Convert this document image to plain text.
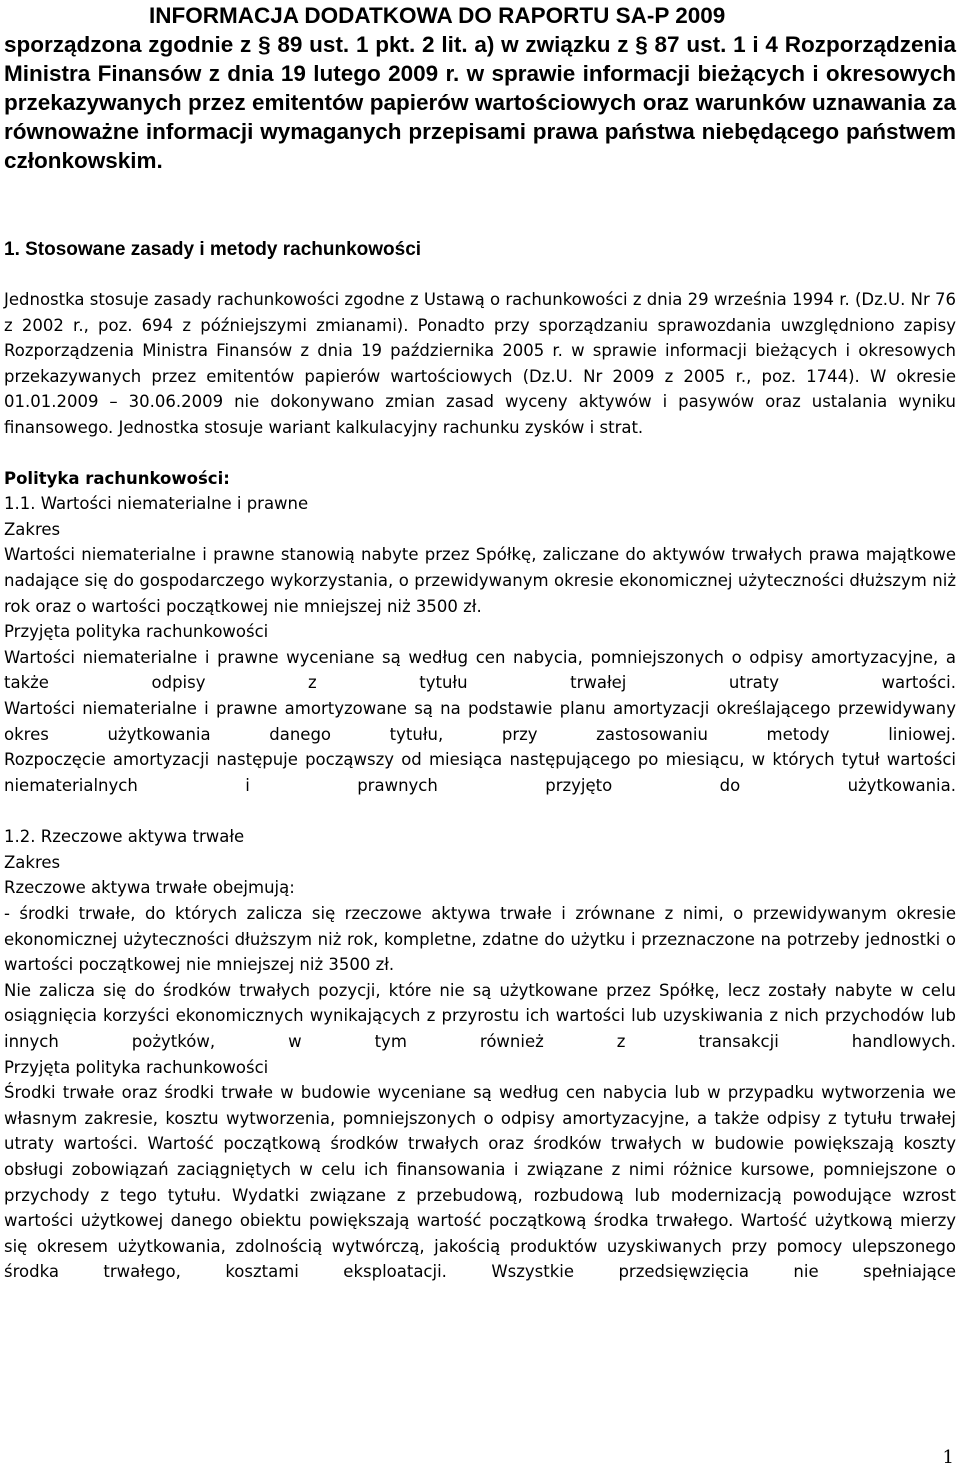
INFORMACJA DODATKOWA DO RAPORTU SA-P 2009
sporządzona zgodnie z § 89 ust. 1 pkt. 2 lit. a) w związku z § 87 ust. 1 i 4 Rozporządzenia Ministra Finansów z dnia 19 lutego 2009 r. w sprawie informacji bieżących i okresowych przekazywanych przez emitentów papierów wartościowych oraz warunków uznawania za równoważne informacji wymaganych przepisami prawa państwa niebędącego państwem członkowskim.
1. Stosowane zasady i metody rachunkowości

Jednostka stosuje zasady rachunkowości zgodne z Ustawą o rachunkowości z dnia 29 września 1994 r. (Dz.U. Nr 76 z 2002 r., poz. 694 z późniejszymi zmianami). Ponadto przy sporządzaniu sprawozdania uwzględniono zapisy Rozporządzenia Ministra Finansów z dnia 19 października 2005 r. w sprawie informacji bieżących i okresowych przekazywanych przez emitentów papierów wartościowych (Dz.U. Nr 2009 z 2005 r., poz. 1744). W okresie 01.01.2009 – 30.06.2009 nie dokonywano zmian zasad wyceny aktywów i pasywów oraz ustalania wyniku finansowego. Jednostka stosuje wariant kalkulacyjny rachunku zysków i strat.

Polityka rachunkowości:

1.1. Wartości niematerialne i prawne

Zakres

Wartości niematerialne i prawne stanowią nabyte przez Spółkę, zaliczane do aktywów trwałych prawa majątkowe nadające się do gospodarczego wykorzystania, o przewidywanym okresie ekonomicznej użyteczności dłuższym niż rok oraz o wartości początkowej nie mniejszej niż 3500 zł.

Przyjęta polityka rachunkowości

Wartości niematerialne i prawne wyceniane są według cen nabycia, pomniejszonych o odpisy amortyzacyjne, a także odpisy z tytułu trwałej utraty wartości.

Wartości niematerialne i prawne amortyzowane są na podstawie planu amortyzacji określającego przewidywany okres użytkowania danego tytułu, przy zastosowaniu metody liniowej.

Rozpoczęcie amortyzacji następuje począwszy od miesiąca następującego po miesiącu, w których tytuł wartości niematerialnych i prawnych przyjęto do użytkowania.

1.2. Rzeczowe aktywa trwałe

Zakres

Rzeczowe aktywa trwałe obejmują:

- środki trwałe, do których zalicza się rzeczowe aktywa trwałe i zrównane z nimi, o przewidywanym okresie ekonomicznej użyteczności dłuższym niż rok, kompletne, zdatne do użytku i przeznaczone na potrzeby jednostki o wartości początkowej nie mniejszej niż 3500 zł.

Nie zalicza się do środków trwałych pozycji, które nie są użytkowane przez Spółkę, lecz zostały nabyte w celu osiągnięcia korzyści ekonomicznych wynikających z przyrostu ich wartości lub uzyskiwania z nich przychodów lub innych pożytków, w tym również z transakcji handlowych.

Przyjęta polityka rachunkowości

Środki trwałe oraz środki trwałe w budowie wyceniane są według cen nabycia lub w przypadku wytworzenia we własnym zakresie, kosztu wytworzenia, pomniejszonych o odpisy amortyzacyjne, a także odpisy z tytułu trwałej utraty wartości. Wartość początkową środków trwałych oraz środków trwałych w budowie powiększają koszty obsługi zobowiązań zaciągniętych w celu ich finansowania i związane z nimi różnice kursowe, pomniejszone o przychody z tego tytułu. Wydatki związane z przebudową, rozbudową lub modernizacją powodujące wzrost wartości użytkowej danego obiektu powiększają wartość początkową środka trwałego. Wartość użytkową mierzy się okresem użytkowania, zdolnością wytwórczą, jakością produktów uzyskiwanych przy pomocy ulepszonego środka trwałego, kosztami eksploatacji. Wszystkie przedsięwzięcia nie spełniające

1
